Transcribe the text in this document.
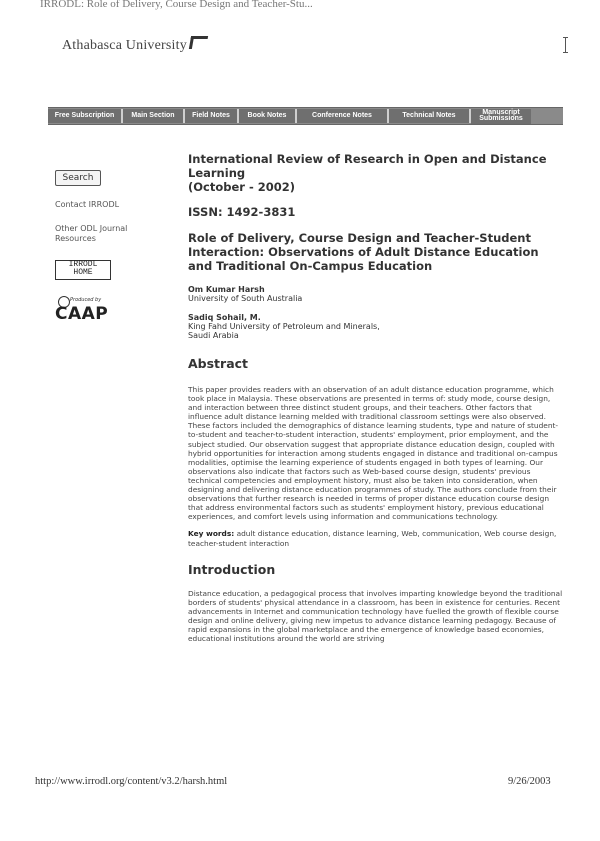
IRRODL: Role of Delivery, Course Design and Teacher-Stu...
Athabasca University
Free Subscription	Main Section	Field Notes	Book Notes	Conference Notes	Technical Notes	Manuscript
Submissions
Search
Contact IRRODL
Other ODL Journal
Resources
IRRODL
HOME
Produced by
CAAP
International Review of Research in Open and Distance Learning
(October - 2002)
ISSN: 1492-3831
Role of Delivery, Course Design and Teacher-Student Interaction: Observations of Adult Distance Education and Traditional On-Campus Education
Om Kumar Harsh
University of South Australia
Sadiq Sohail, M.
King Fahd University of Petroleum and Minerals, Saudi Arabia
Abstract
This paper provides readers with an observation of an adult distance education programme, which took place in Malaysia. These observations are presented in terms of: study mode, course design, and interaction between three distinct student groups, and their teachers. Other factors that influence adult distance learning melded with traditional classroom settings were also observed. These factors included the demographics of distance learning students, type and nature of student-to-student and teacher-to-student interaction, students' employment, prior employment, and the subject studied. Our observation suggest that appropriate distance education design, coupled with hybrid opportunities for interaction among students engaged in distance and traditional on-campus modalities, optimise the learning experience of students engaged in both types of learning. Our observations also indicate that factors such as Web-based course design, students' previous technical competencies and employment history, must also be taken into consideration, when designing and delivering distance education programmes of study. The authors conclude from their observations that further research is needed in terms of proper distance education course design that address environmental factors such as students' employment history, previous educational experiences, and comfort levels using information and communications technology.
Key words: adult distance education, distance learning, Web, communication, Web course design, teacher-student interaction
Introduction
Distance education, a pedagogical process that involves imparting knowledge beyond the traditional borders of students' physical attendance in a classroom, has been in existence for centuries. Recent advancements in Internet and communication technology have fuelled the growth of flexible course design and online delivery, giving new impetus to advance distance learning pedagogy. Because of rapid expansions in the global marketplace and the emergence of knowledge based economies, educational institutions around the world are striving
http://www.irrodl.org/content/v3.2/harsh.html	9/26/2003
